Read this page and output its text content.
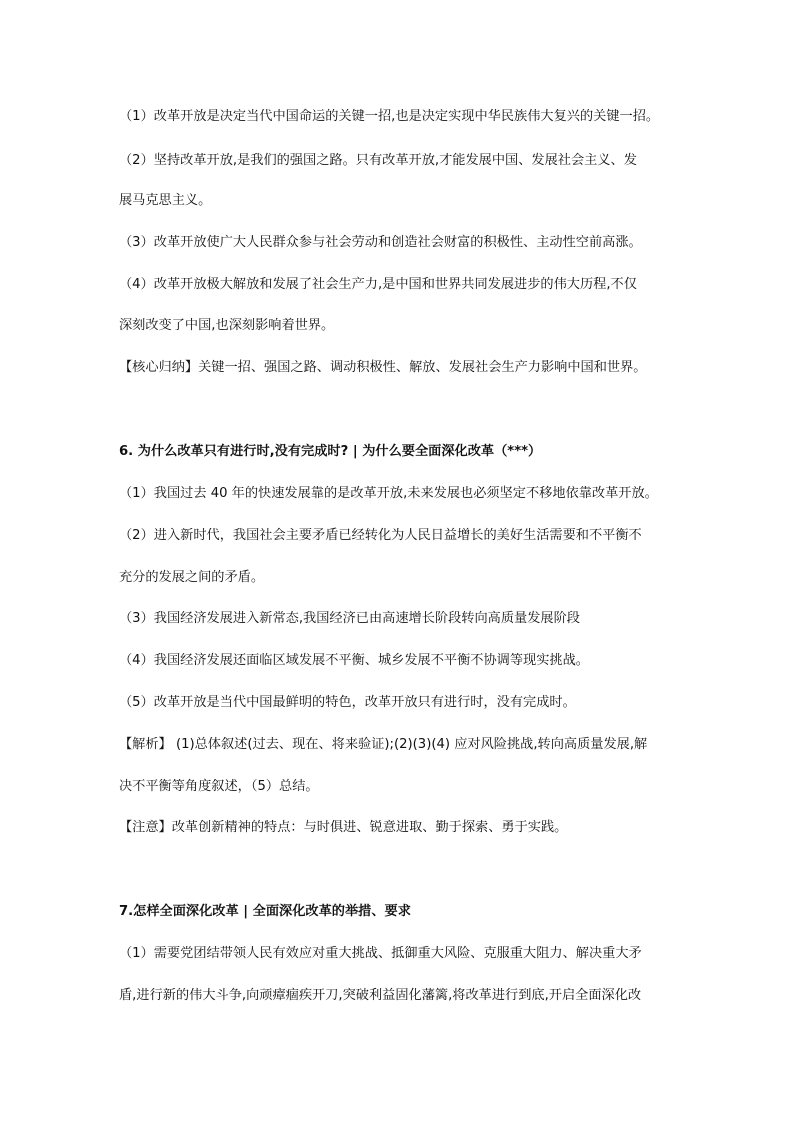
（1）改革开放是决定当代中国命运的关键一招,也是决定实现中华民族伟大复兴的关键一招。
（2）坚持改革开放,是我们的强国之路。只有改革开放,才能发展中国、发展社会主义、发
展马克思主义。
（3）改革开放使广大人民群众参与社会劳动和创造社会财富的积极性、主动性空前高涨。
（4）改革开放极大解放和发展了社会生产力,是中国和世界共同发展进步的伟大历程,不仅
深刻改变了中国,也深刻影响着世界。
【核心归纳】关键一招、强国之路、调动积极性、解放、发展社会生产力影响中国和世界。
6. 为什么改革只有进行时,没有完成时? | 为什么要全面深化改革（***）
（1）我国过去 40 年的快速发展靠的是改革开放,未来发展也必须坚定不移地依靠改革开放。
（2）进入新时代，我国社会主要矛盾已经转化为人民日益增长的美好生活需要和不平衡不
充分的发展之间的矛盾。
（3）我国经济发展进入新常态,我国经济已由高速增长阶段转向高质量发展阶段
（4）我国经济发展还面临区域发展不平衡、城乡发展不平衡不协调等现实挑战。
（5）改革开放是当代中国最鲜明的特色，改革开放只有进行时，没有完成时。
【解析】 (1)总体叙述(过去、现在、将来验证);(2)(3)(4) 应对风险挑战,转向高质量发展,解
决不平衡等角度叙述，（5）总结。
【注意】改革创新精神的特点：与时俱进、锐意进取、勤于探索、勇于实践。
7.怎样全面深化改革 | 全面深化改革的举措、要求
（1）需要党团结带领人民有效应对重大挑战、抵御重大风险、克服重大阻力、解决重大矛
盾,进行新的伟大斗争,向顽瘴痼疾开刀,突破利益固化藩篱,将改革进行到底,开启全面深化改
